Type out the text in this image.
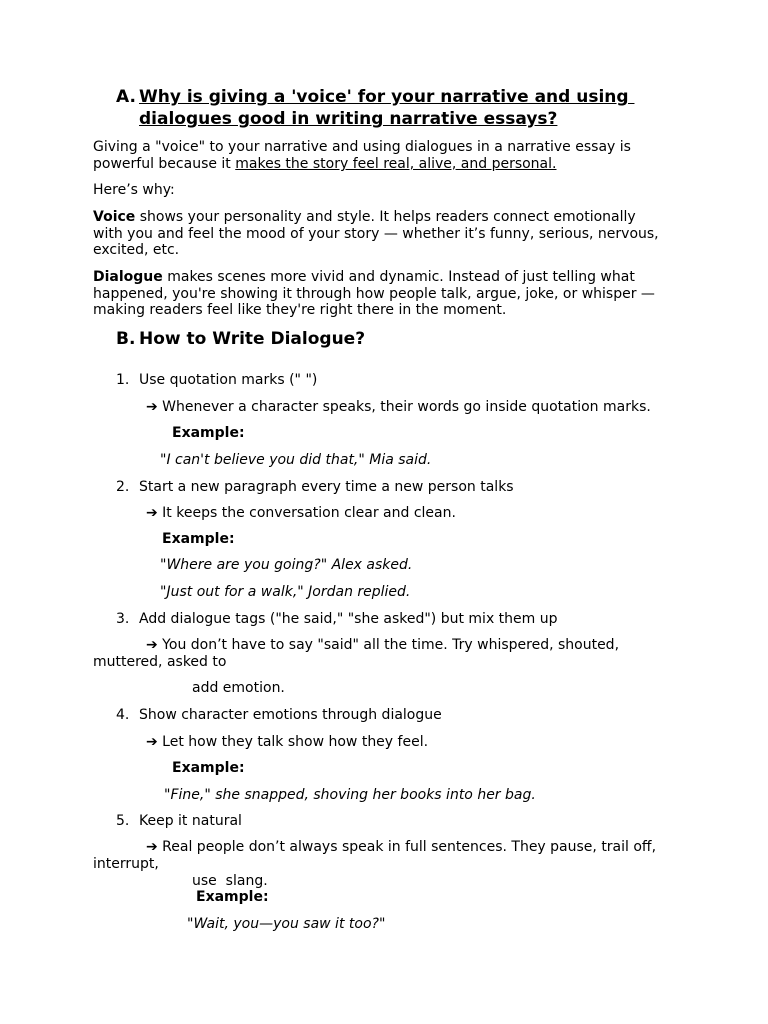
A. Why is giving a 'voice' for your narrative and using
dialogues good in writing narrative essays?
Giving a "voice" to your narrative and using dialogues in a narrative essay is
powerful because it makes the story feel real, alive, and personal.
Here’s why:
Voice shows your personality and style. It helps readers connect emotionally
with you and feel the mood of your story — whether it’s funny, serious, nervous,
excited, etc.
Dialogue makes scenes more vivid and dynamic. Instead of just telling what
happened, you're showing it through how people talk, argue, joke, or whisper —
making readers feel like they're right there in the moment.
B. How to Write Dialogue?
1. Use quotation marks (" ")
➔ Whenever a character speaks, their words go inside quotation marks.
Example:
"I can't believe you did that," Mia said.
2. Start a new paragraph every time a new person talks
➔ It keeps the conversation clear and clean.
Example:
"Where are you going?" Alex asked.
"Just out for a walk," Jordan replied.
3. Add dialogue tags ("he said," "she asked") but mix them up
➔ You don’t have to say "said" all the time. Try whispered, shouted,
muttered, asked to
add emotion.
4. Show character emotions through dialogue
➔ Let how they talk show how they feel.
Example:
"Fine," she snapped, shoving her books into her bag.
5. Keep it natural
➔ Real people don’t always speak in full sentences. They pause, trail off,
interrupt,
use  slang.
Example:
"Wait, you—you saw it too?"
